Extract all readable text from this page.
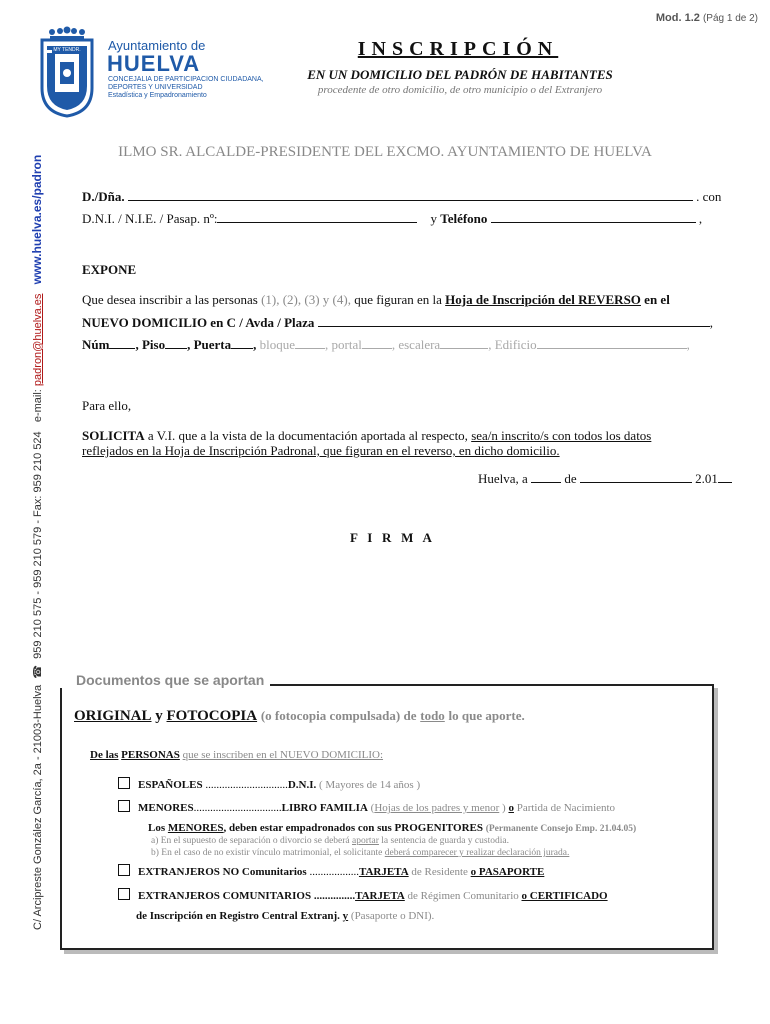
Mod. 1.2 (Pág 1 de 2)
MY TENDR. Ayuntamiento de
HUELVA
CONCEJALIA DE PARTICIPACION CIUDADANA,
DEPORTES Y UNIVERSIDAD
Estadística y Empadronamiento
INSCRIPCIÓN
EN UN DOMICILIO DEL PADRÓN DE HABITANTES
procedente de otro domicilio, de otro municipio o del Extranjero
ILMO SR. ALCALDE-PRESIDENTE DEL EXCMO. AYUNTAMIENTO DE HUELVA
C/ Arcipreste González García, 2a - 21003-Huelva  ☎  959 210 575 - 959 210 579 - Fax: 959 210 524   e-mail: padron@huelva.es   www.huelva.es/padron	D./Dña.	. con
D.N.I. / N.I.E. / Pasap. nº:	y Teléfono	,
EXPONE
Que desea inscribir a las personas (1), (2), (3) y (4), que figuran en la Hoja de Inscripción del REVERSO en el
NUEVO DOMICILIO en C / Avda / Plaza	,
Núm , Piso , Puerta , bloque , portal , escalera	, Edificio	,
Para ello,
SOLICITA a V.I. que a la vista de la documentación aportada al respecto, sea/n inscrito/s con todos los datos
reflejados en la Hoja de Inscripción Padronal, que figuran en el reverso, en dicho domicilio.
Huelva, a	de	2.01
F   I   R   M   A
Documentos que se aportan
ORIGINAL y FOTOCOPIA (o fotocopia compulsada) de todo lo que aporte.
De las PERSONAS que se inscriben en el NUEVO DOMICILIO:
ESPAÑOLES ..............................D.N.I. ( Mayores de 14 años )
MENORES................................LIBRO FAMILIA (Hojas de los padres y menor ) o Partida de Nacimiento
Los MENORES, deben estar empadronados con sus PROGENITORES (Permanente Consejo Emp. 21.04.05)
a) En el supuesto de separación o divorcio se deberá aportar la sentencia de guarda y custodia.
b) En el caso de no existir vínculo matrimonial, el solicitante deberá comparecer y realizar declaración jurada.
EXTRANJEROS NO Comunitarios ..................TARJETA de Residente o PASAPORTE
EXTRANJEROS COMUNITARIOS ...............TARJETA de Régimen Comunitario o CERTIFICADO
de Inscripción en Registro Central Extranj. y (Pasaporte o DNI).
